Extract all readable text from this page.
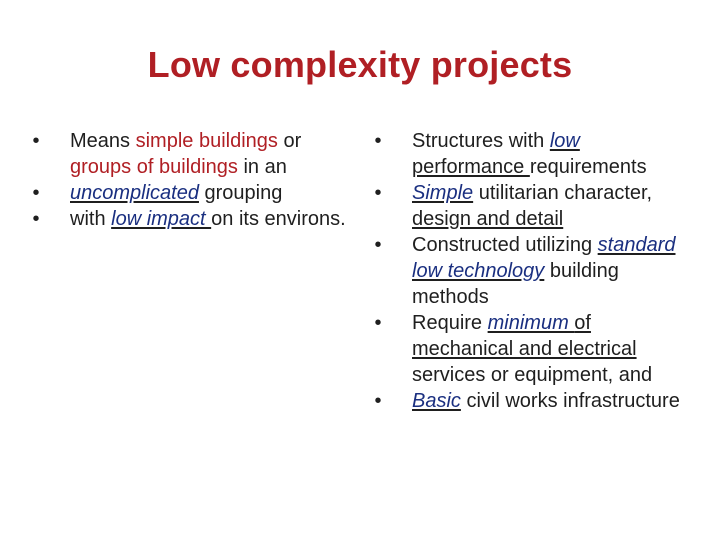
Low complexity projects
• Means simple buildings or groups of buildings in an
• uncomplicated grouping
• with low impact on its environs.
• Structures with low performance requirements
• Simple utilitarian character, design and detail
• Constructed utilizing standard low technology building methods
• Require minimum of mechanical and electrical services or equipment, and
• Basic civil works infrastructure
